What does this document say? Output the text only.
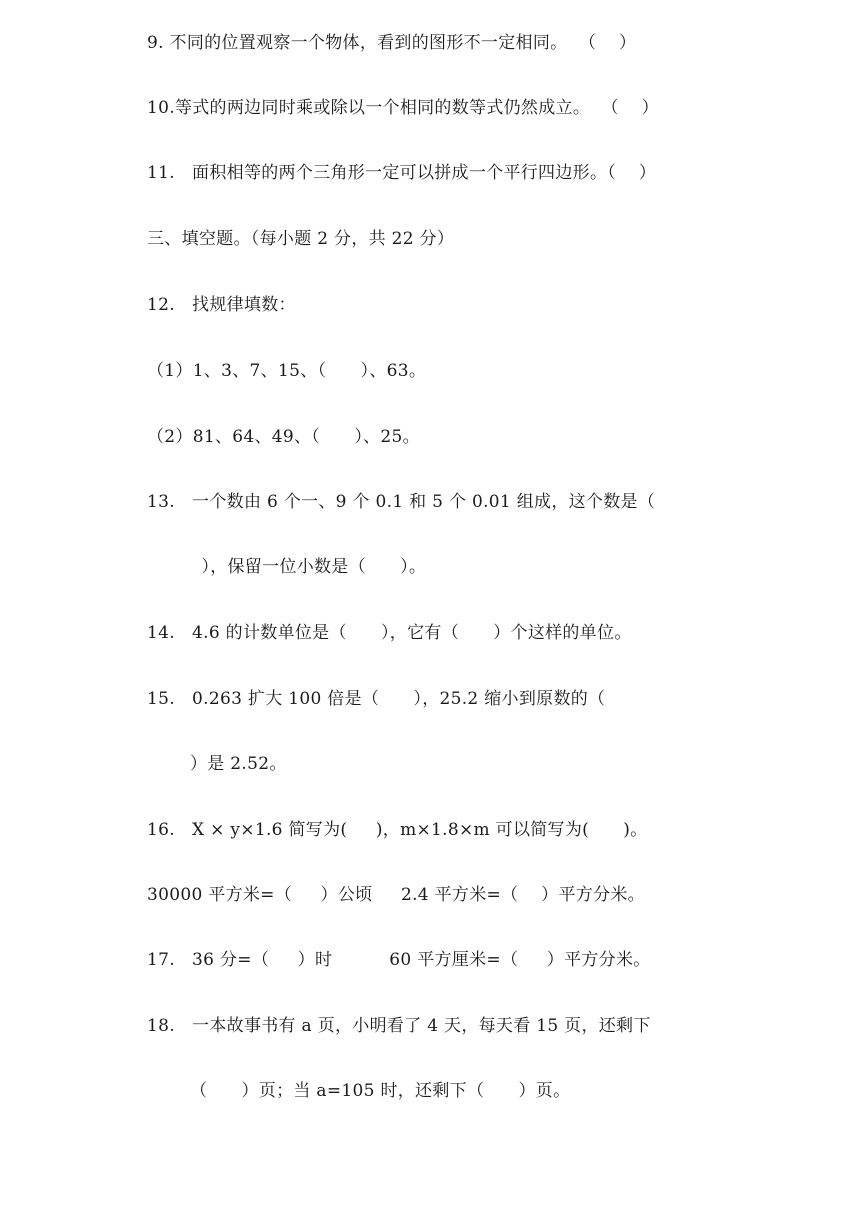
9. 不同的位置观察一个物体，看到的图形不一定相同。  （    ）
10.等式的两边同时乘或除以一个相同的数等式仍然成立。  （    ）
11.   面积相等的两个三角形一定可以拼成一个平行四边形。（    ）
三、填空题。（每小题 2 分，共 22 分）
12.   找规律填数：
（1）1、3、7、15、（      ）、63。
（2）81、64、49、（      ）、25。
13.   一个数由 6 个一、9 个 0.1 和 5 个 0.01 组成，这个数是（
），保留一位小数是（      ）。
14.   4.6 的计数单位是（      ），它有（      ）个这样的单位。
15.   0.263 扩大 100 倍是（      ），25.2 缩小到原数的（
）是 2.52。
16.   X × y×1.6 简写为(     )，m×1.8×m 可以简写为(      )。
30000 平方米=（     ）公顷     2.4 平方米=（    ）平方分米。
17.   36 分=（     ）时          60 平方厘米=（     ）平方分米。
18.   一本故事书有 a 页，小明看了 4 天，每天看 15 页，还剩下
（      ）页；当 a=105 时，还剩下（      ）页。
